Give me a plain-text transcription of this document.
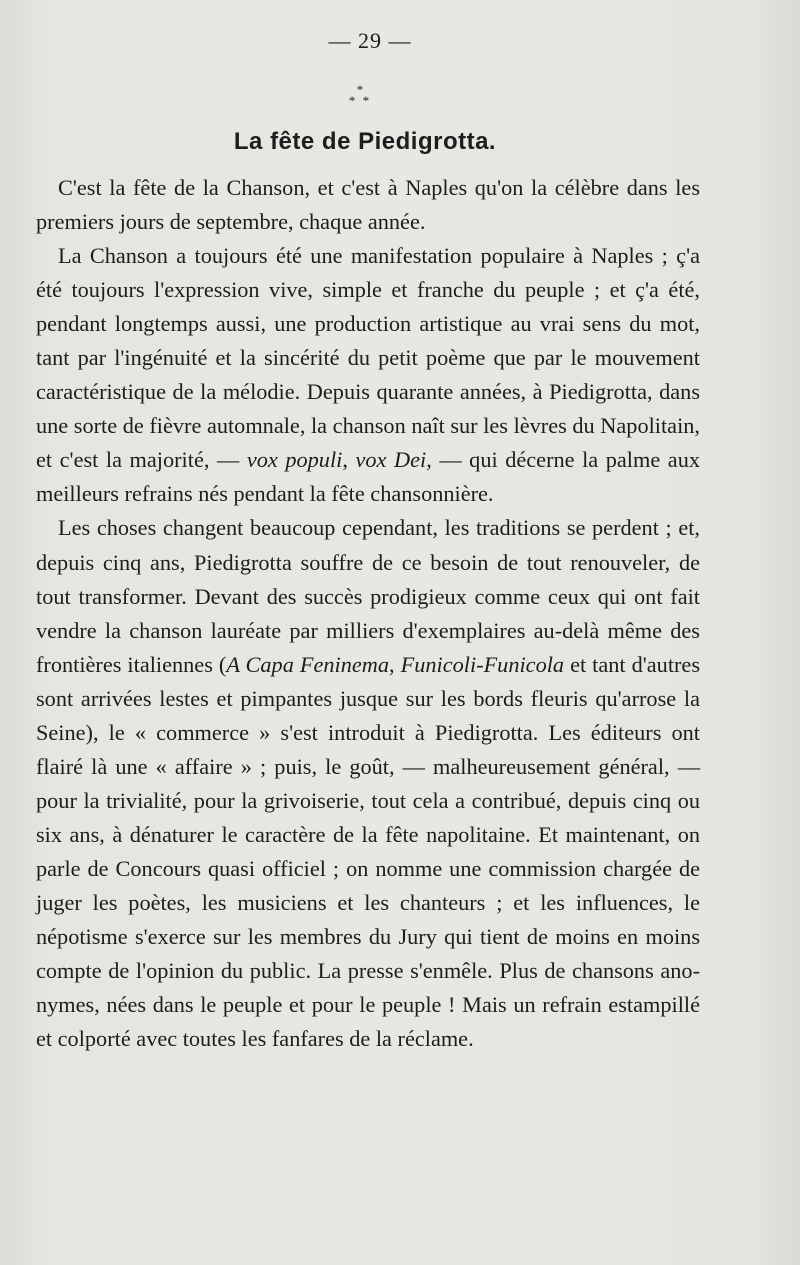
— 29 —
*
* *
La fête de Piedigrotta.

C'est la fête de la Chanson, et c'est à Naples qu'on la célèbre dans les premiers jours de septembre, chaque année.

La Chanson a toujours été une manifestation populaire à Naples ; ç'a été toujours l'expression vive, simple et franche du peuple ; et ç'a été, pendant longtemps aussi, une production artistique au vrai sens du mot, tant par l'ingénuité et la sincérité du petit poème que par le mouvement caractéristique de la mélodie. Depuis quarante années, à Piedigrotta, dans une sorte de fièvre automnale, la chanson naît sur les lèvres du Napolitain, et c'est la majorité, — vox populi, vox Dei, — qui décerne la palme aux meilleurs refrains nés pendant la fête chansonnière.

Les choses changent beaucoup cependant, les traditions se perdent ; et, depuis cinq ans, Piedigrotta souffre de ce besoin de tout renouveler, de tout transformer. Devant des succès prodigieux comme ceux qui ont fait vendre la chanson lauréate par milliers d'exemplaires au-delà même des frontières italiennes (A Capa Feninema, Funicoli-Funicola et tant d'autres sont arrivées lestes et pimpantes jusque sur les bords fleuris qu'arrose la Seine), le « commerce » s'est introduit à Piedigrotta. Les éditeurs ont flairé là une « affaire » ; puis, le goût, — malheureusement général, — pour la trivialité, pour la grivoiserie, tout cela a contribué, depuis cinq ou six ans, à dénaturer le caractère de la fête napolitaine. Et maintenant, on parle de Concours quasi officiel ; on nomme une commission chargée de juger les poètes, les musiciens et les chanteurs ; et les influences, le népotisme s'exerce sur les membres du Jury qui tient de moins en moins compte de l'opinion du public. La presse s'enmêle. Plus de chansons anonymes, nées dans le peuple et pour le peuple ! Mais un refrain estampillé et colporté avec toutes les fanfares de la réclame.
